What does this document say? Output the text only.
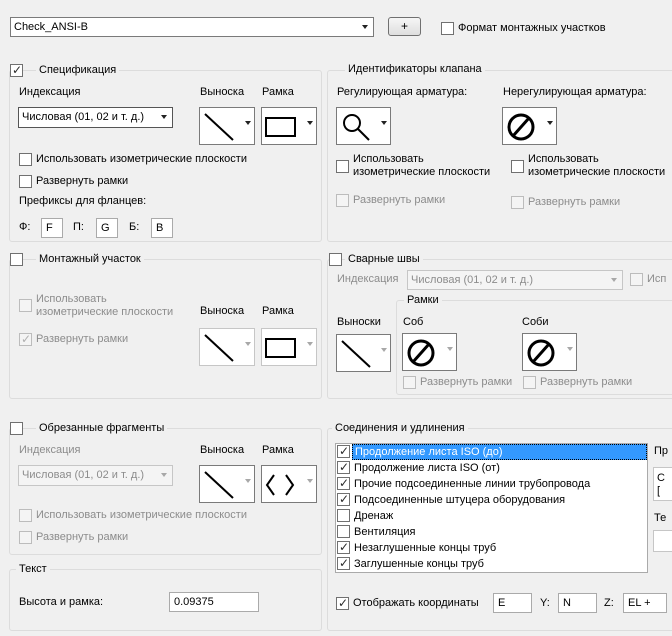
Check_ANSI-B	+	Формат монтажных участков
✓ Спецификация
Индексация	Выноска Рамка
Числовая (01, 02 и т. д.)
Использовать изометрические плоскости
Развернуть рамки
Префиксы для фланцев:
Ф: F П: G Б: B
Идентификаторы клапана
Регулирующая арматура:	Нерегулирующая арматура:
Использовать
изометрические плоскости
Использовать
изометрические плоскости
Развернуть рамки	Развернуть рамки
Монтажный участок
Использовать
изометрические плоскости
✓ Развернуть рамки
Выноска Рамка
Сварные швы
Индексация Числовая (01, 02 и т. д.)	Исп
Рамки
Выноски Соб	Соби
Развернуть рамки	Развернуть рамки
Обрезанные фрагменты
Индексация	Выноска Рамка
Числовая (01, 02 и т. д.)
Использовать изометрические плоскости
Развернуть рамки
Текст
Высота и рамка:	0.09375
Соединения и удлинения
✓ Продолжение листа ISO (до)
✓ Продолжение листа ISO (от)
✓ Прочие подсоединенные линии трубопровода
✓ Подсоединенные штуцера оборудования
Дренаж
Вентиляция
✓ Незаглушенные концы труб
✓ Заглушенные концы труб
Пр
С
[
Те
✓ Отображать координаты E	Y: N	Z: EL +
